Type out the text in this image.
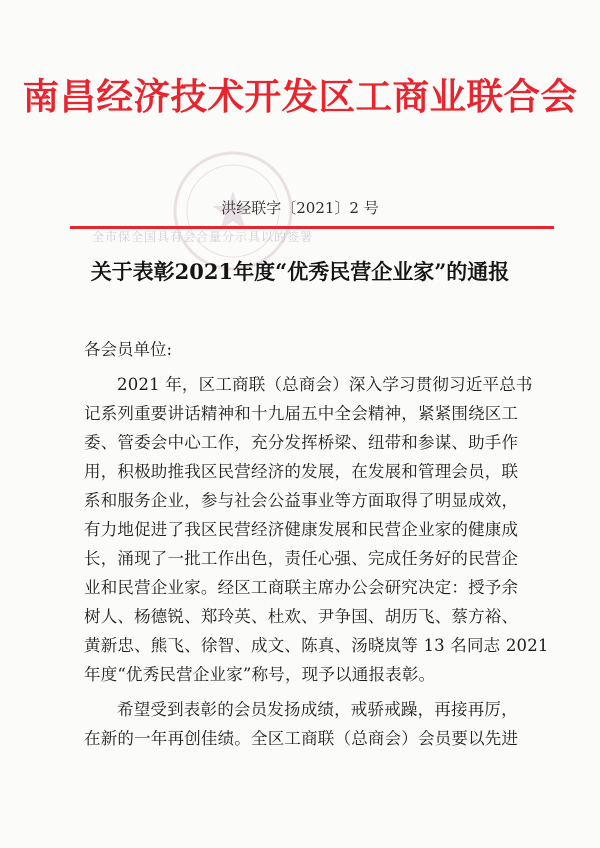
南昌经济技术开发区工商业联合会
洪经联字〔2021〕2 号
全市保全国具有会合量分示具以的签署
关于表彰2021年度“优秀民营企业家”的通报
各会员单位:
2021 年，区工商联（总商会）深入学习贯彻习近平总书
记系列重要讲话精神和十九届五中全会精神，紧紧围绕区工
委、管委会中心工作，充分发挥桥梁、纽带和参谋、助手作
用，积极助推我区民营经济的发展，在发展和管理会员，联
系和服务企业，参与社会公益事业等方面取得了明显成效，
有力地促进了我区民营经济健康发展和民营企业家的健康成
长，涌现了一批工作出色，责任心强、完成任务好的民营企
业和民营企业家。经区工商联主席办公会研究决定：授予余
树人、杨德锐、郑玲英、杜欢、尹争国、胡历飞、蔡方裕、
黄新忠、熊飞、徐智、成文、陈真、汤晓岚等 13 名同志 2021
年度“优秀民营企业家”称号，现予以通报表彰。
希望受到表彰的会员发扬成绩，戒骄戒躁，再接再厉，
在新的一年再创佳绩。全区工商联（总商会）会员要以先进
